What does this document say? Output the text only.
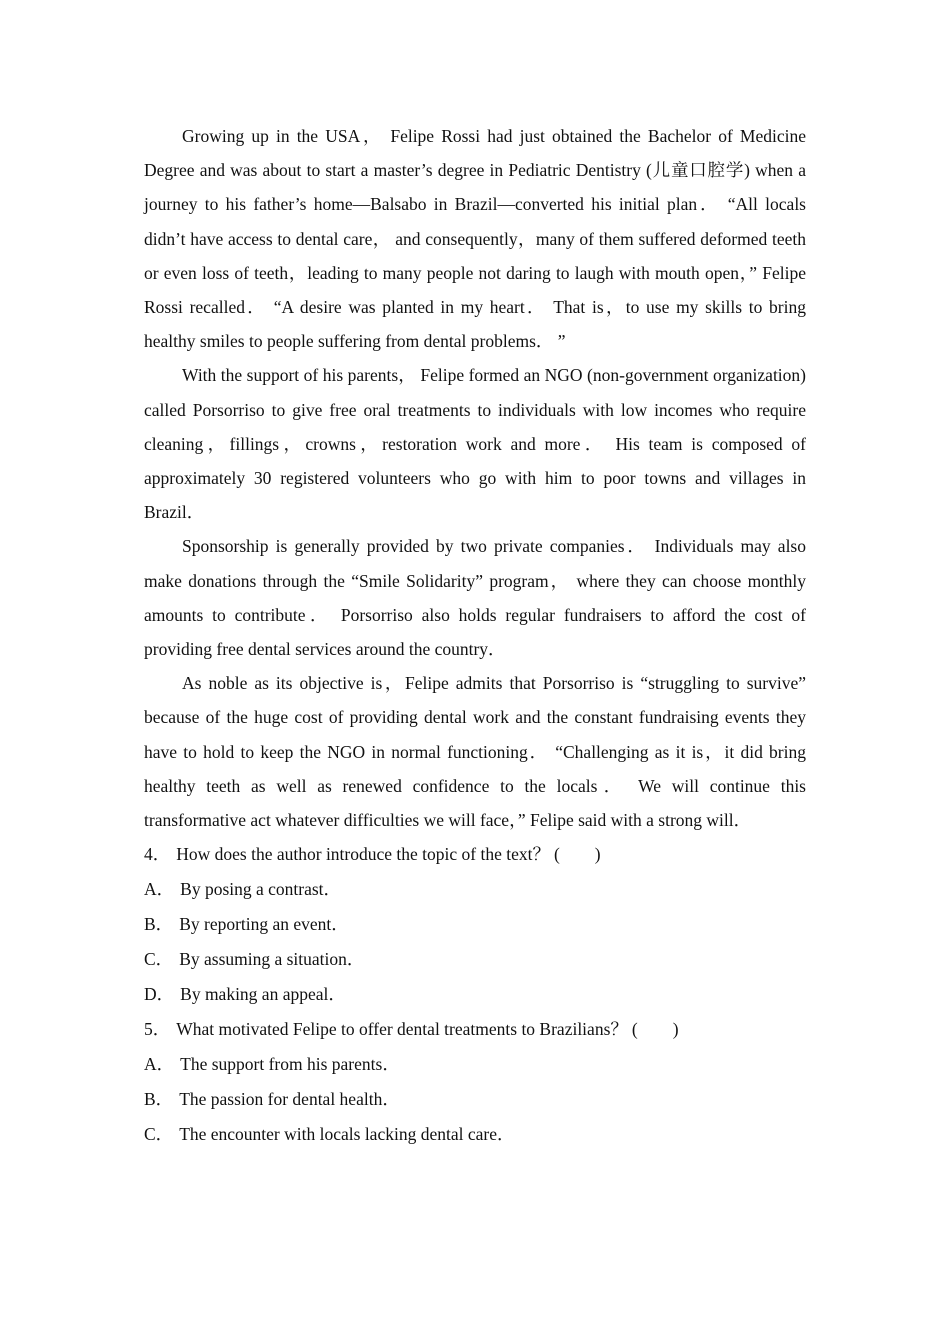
Growing up in the USA， Felipe Rossi had just obtained the Bachelor of Medicine Degree and was about to start a master’s degree in Pediatric Dentistry (儿童口腔学) when a journey to his father’s home—Balsabo in Brazil—converted his initial plan． “All locals didn’t have access to dental care， and consequently，many of them suffered deformed teeth or even loss of teeth，leading to many people not daring to laugh with mouth open，” Felipe Rossi recalled． “A desire was planted in my heart． That is，to use my skills to bring healthy smiles to people suffering from dental problems． ”

With the support of his parents， Felipe formed an NGO (non-government organization) called Porsorriso to give free oral treatments to individuals with low incomes who require cleaning，fillings，crowns，restoration work and more． His team is composed of approximately 30 registered volunteers who go with him to poor towns and villages in Brazil．

Sponsorship is generally provided by two private companies． Individuals may also make donations through the “Smile Solidarity” program， where they can choose monthly amounts to contribute． Porsorriso also holds regular fundraisers to afford the cost of providing free dental services around the country．

As noble as its objective is，Felipe admits that Porsorriso is “struggling to survive” because of the huge cost of providing dental work and the constant fundraising events they have to hold to keep the NGO in normal functioning． “Challenging as it is，it did bring healthy teeth as well as renewed confidence to the locals． We will continue this transformative act whatever difficulties we will face，” Felipe said with a strong will．

4． How does the author introduce the topic of the text？ (　　)

A． By posing a contrast．

B． By reporting an event．

C． By assuming a situation．

D． By making an appeal．

5． What motivated Felipe to offer dental treatments to Brazilians？ (　　)

A． The support from his parents．

B． The passion for dental health．

C． The encounter with locals lacking dental care．
